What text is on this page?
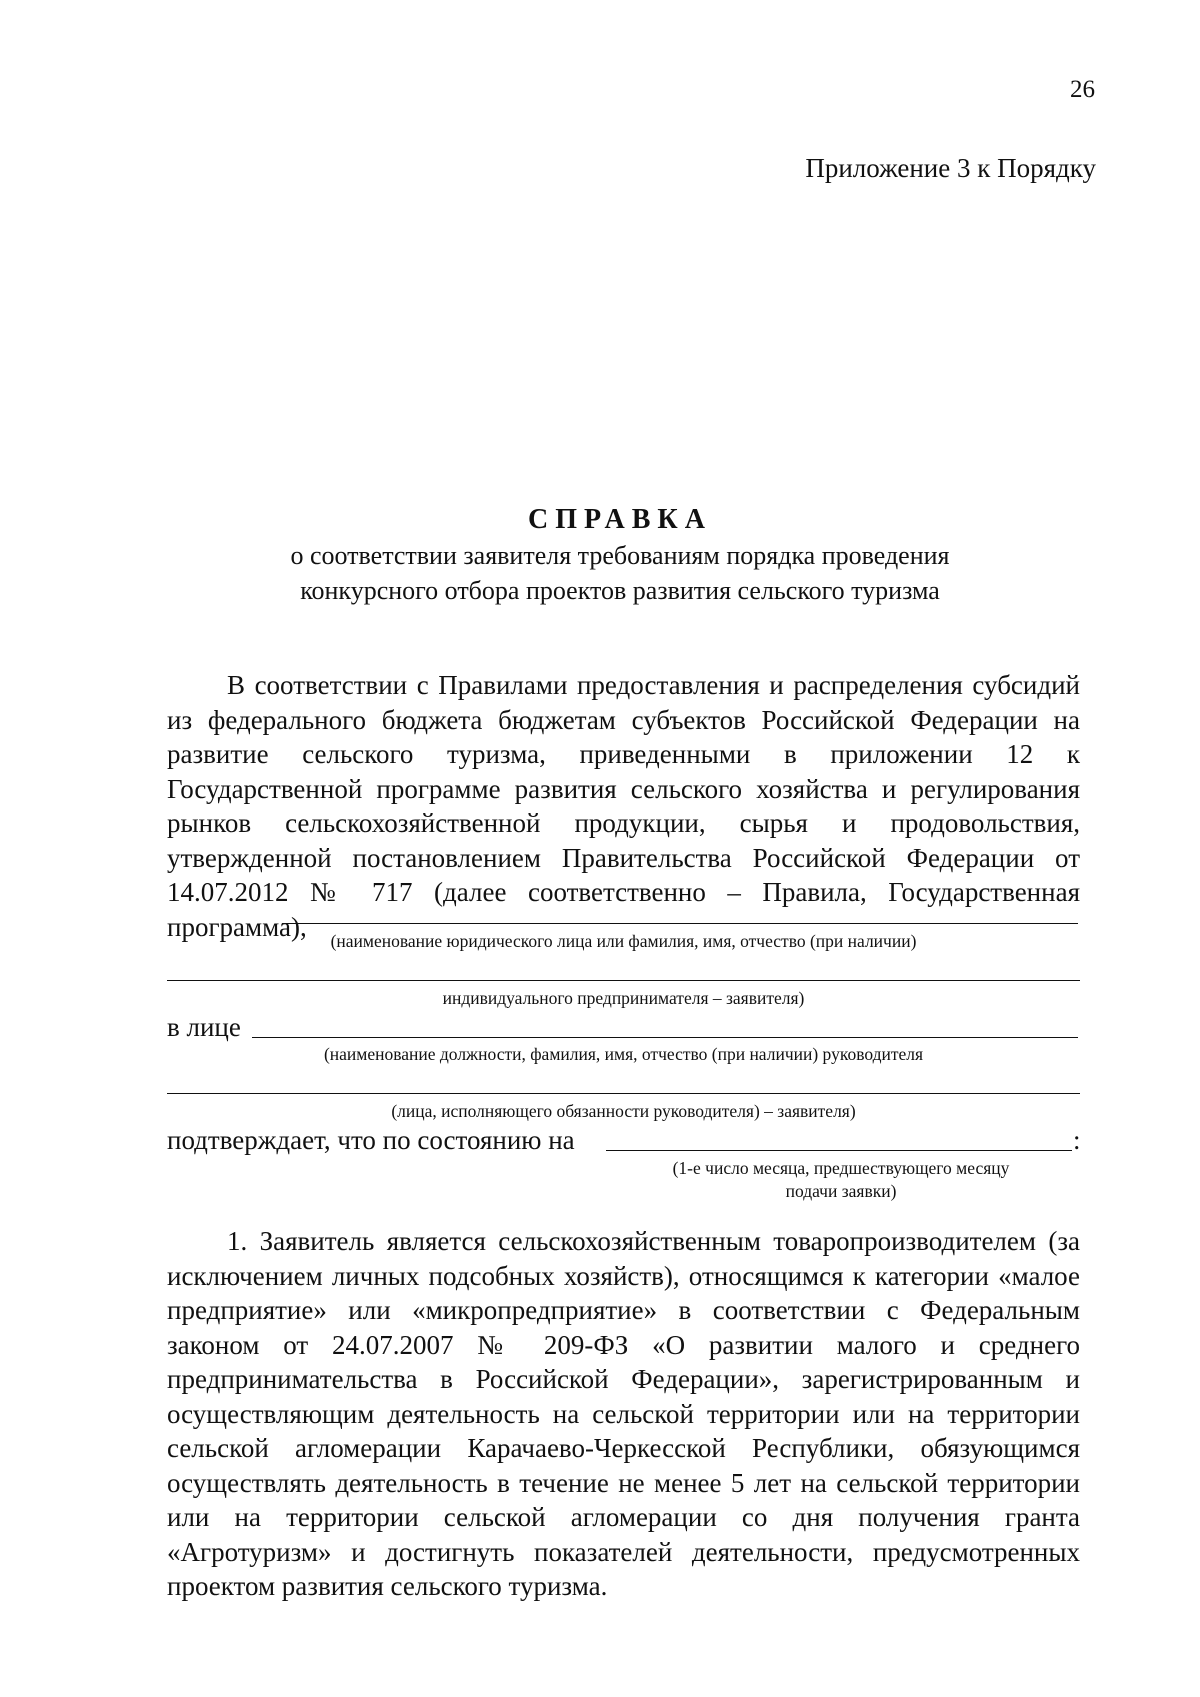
26
Приложение 3 к Порядку
СПРАВКА
о соответствии заявителя требованиям порядка проведения
конкурсного отбора проектов развития сельского туризма

В соответствии с Правилами предоставления и распределения субсидий из федерального бюджета бюджетам субъектов Российской Федерации на развитие сельского туризма, приведенными в приложении 12 к Государственной программе развития сельского хозяйства и регулирования рынков сельскохозяйственной продукции, сырья и продовольствия, утвержденной постановлением Правительства Российской Федерации от 14.07.2012 № 717 (далее соответственно – Правила, Государственная программа),	(наименование юридического лица или фамилия, имя, отчество (при наличии)
индивидуального предпринимателя – заявителя)
в лице
(наименование должности, фамилия, имя, отчество (при наличии) руководителя
(лица, исполняющего обязанности руководителя) – заявителя)
подтверждает, что по состоянию на	:
(1-е число месяца, предшествующего месяцу
подачи заявки)

1. Заявитель является сельскохозяйственным товаропроизводителем (за исключением личных подсобных хозяйств), относящимся к категории «малое предприятие» или «микропредприятие» в соответствии с Федеральным законом от 24.07.2007 № 209-ФЗ «О развитии малого и среднего предпринимательства в Российской Федерации», зарегистрированным и осуществляющим деятельность на сельской территории или на территории сельской агломерации Карачаево-Черкесской Республики, обязующимся осуществлять деятельность в течение не менее 5 лет на сельской территории или на территории сельской агломерации со дня получения гранта «Агротуризм» и достигнуть показателей деятельности, предусмотренных проектом развития сельского туризма.
